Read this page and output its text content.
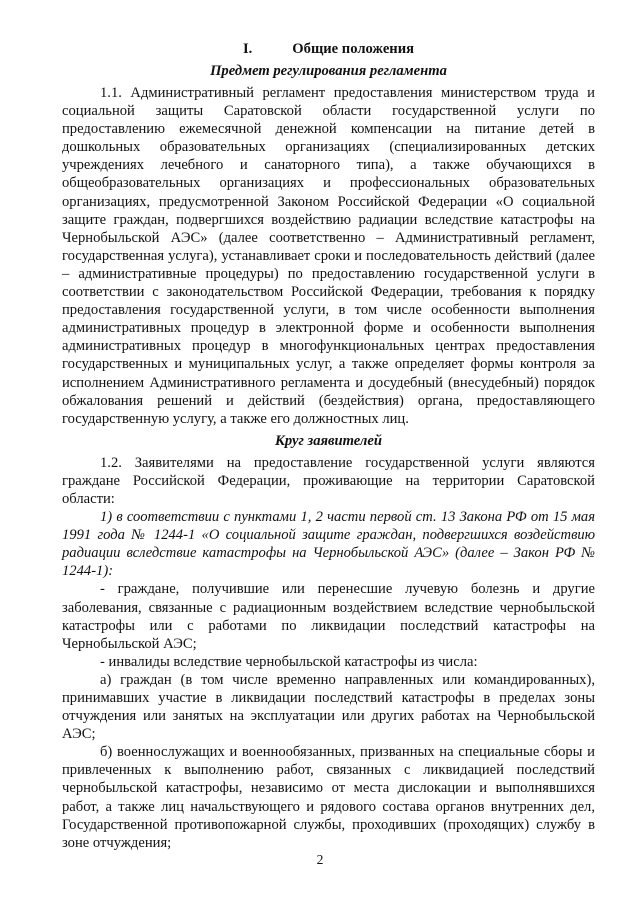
I.	Общие положения
Предмет регулирования регламента

1.1. Административный регламент предоставления министерством труда и социальной защиты Саратовской области государственной услуги по предоставлению ежемесячной денежной компенсации на питание детей в дошкольных образовательных организациях (специализированных детских учреждениях лечебного и санаторного типа), а также обучающихся в общеобразовательных организациях и профессиональных образовательных организациях, предусмотренной Законом Российской Федерации «О социальной защите граждан, подвергшихся воздействию радиации вследствие катастрофы на Чернобыльской АЭС» (далее соответственно – Административный регламент, государственная услуга), устанавливает сроки и последовательность действий (далее – административные процедуры) по предоставлению государственной услуги в соответствии с законодательством Российской Федерации, требования к порядку предоставления государственной услуги, в том числе особенности выполнения административных процедур в электронной форме и особенности выполнения административных процедур в многофункциональных центрах предоставления государственных и муниципальных услуг, а также определяет формы контроля за исполнением Административного регламента и досудебный (внесудебный) порядок обжалования решений и действий (бездействия) органа, предоставляющего государственную услугу, а также его должностных лиц.

Круг заявителей

1.2. Заявителями на предоставление государственной услуги являются граждане Российской Федерации, проживающие на территории Саратовской области:

1) в соответствии с пунктами 1, 2 части первой ст. 13 Закона РФ от 15 мая 1991 года № 1244-1 «О социальной защите граждан, подвергшихся воздействию радиации вследствие катастрофы на Чернобыльской АЭС» (далее – Закон РФ № 1244-1):

- граждане, получившие или перенесшие лучевую болезнь и другие заболевания, связанные с радиационным воздействием вследствие чернобыльской катастрофы или с работами по ликвидации последствий катастрофы на Чернобыльской АЭС;

- инвалиды вследствие чернобыльской катастрофы из числа:

а) граждан (в том числе временно направленных или командированных), принимавших участие в ликвидации последствий катастрофы в пределах зоны отчуждения или занятых на эксплуатации или других работах на Чернобыльской АЭС;

б) военнослужащих и военнообязанных, призванных на специальные сборы и привлеченных к выполнению работ, связанных с ликвидацией последствий чернобыльской катастрофы, независимо от места дислокации и выполнявшихся работ, а также лиц начальствующего и рядового состава органов внутренних дел, Государственной противопожарной службы, проходивших (проходящих) службу в зоне отчуждения;

2
